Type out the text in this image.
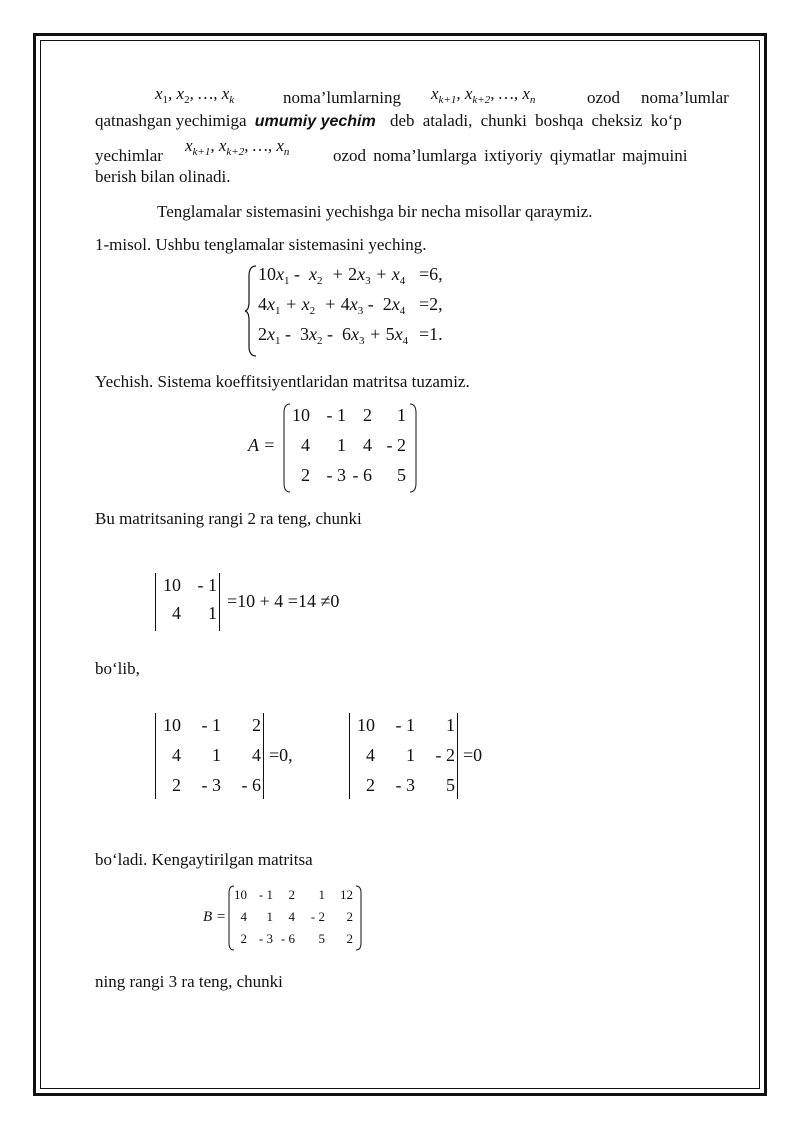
$x_1$, $x_2$, …, $x_k$	noma’lumlarning $x_{k+1}$, $x_{k+2}$, …, $x_n$	ozod noma’lumlar
qatnashgan yechimiga umumiy yechim deb ataladi, chunki boshqa cheksiz ko‘p
yechimlar
$x_{k+1}$, $x_{k+2}$, …, $x_n$	ozod noma’lumlarga ixtiyoriy qiymatlar majmuini
berish bilan olinadi.
Tenglamalar sistemasini yechishga bir necha misollar qaraymiz.
1-misol. Ushbu tenglamalar sistemasini yeching.
$10x_1 - x_2 + 2x_3 + x_4 =6$,
$4x_1 + x_2 + 4x_3 - 2x_4 =2$,
$2x_1 - 3x_2 - 6x_3 + 5x_4 =1$.
Yechish. Sistema koeffitsiyentlaridan matritsa tuzamiz.
A =
10 - 1 2 1
4 1 4 - 2
2 - 3 - 6 5
Bu matritsaning rangi 2 ra teng, chunki
10 - 1
4 1
=10 + 4 =14 ≠0
bo‘lib,
10 - 1 2
4 1 4
2 - 3 - 6
=0,
10 - 1 1
4 1 - 2
2 - 3 5
=0
bo‘ladi. Kengaytirilgan matritsa
B =
10 - 1 2 1 12
4 1 4 - 2 2
2 - 3 - 6 5 2
ning rangi 3 ra teng, chunki
